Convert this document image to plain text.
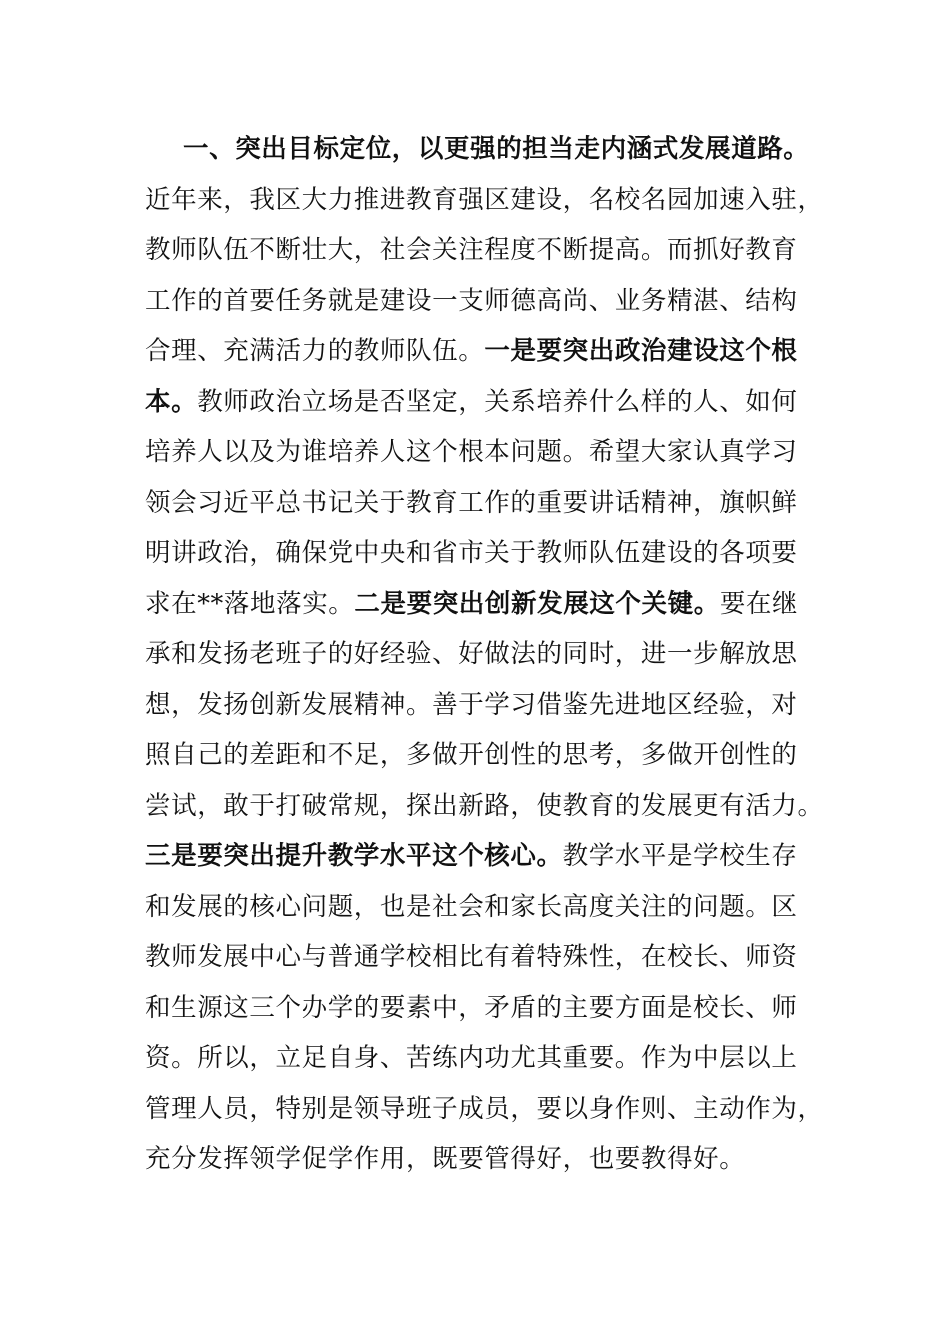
一、突出目标定位，以更强的担当走内涵式发展道路。
近年来，我区大力推进教育强区建设，名校名园加速入驻，
教师队伍不断壮大，社会关注程度不断提高。而抓好教育
工作的首要任务就是建设一支师德高尚、业务精湛、结构
合理、充满活力的教师队伍。一是要突出政治建设这个根
本。教师政治立场是否坚定，关系培养什么样的人、如何
培养人以及为谁培养人这个根本问题。希望大家认真学习
领会习近平总书记关于教育工作的重要讲话精神，旗帜鲜
明讲政治，确保党中央和省市关于教师队伍建设的各项要
求在**落地落实。二是要突出创新发展这个关键。要在继
承和发扬老班子的好经验、好做法的同时，进一步解放思
想，发扬创新发展精神。善于学习借鉴先进地区经验，对
照自己的差距和不足，多做开创性的思考，多做开创性的
尝试，敢于打破常规，探出新路，使教育的发展更有活力。
三是要突出提升教学水平这个核心。教学水平是学校生存
和发展的核心问题，也是社会和家长高度关注的问题。区
教师发展中心与普通学校相比有着特殊性，在校长、师资
和生源这三个办学的要素中，矛盾的主要方面是校长、师
资。所以，立足自身、苦练内功尤其重要。作为中层以上
管理人员，特别是领导班子成员，要以身作则、主动作为，
充分发挥领学促学作用，既要管得好，也要教得好。
